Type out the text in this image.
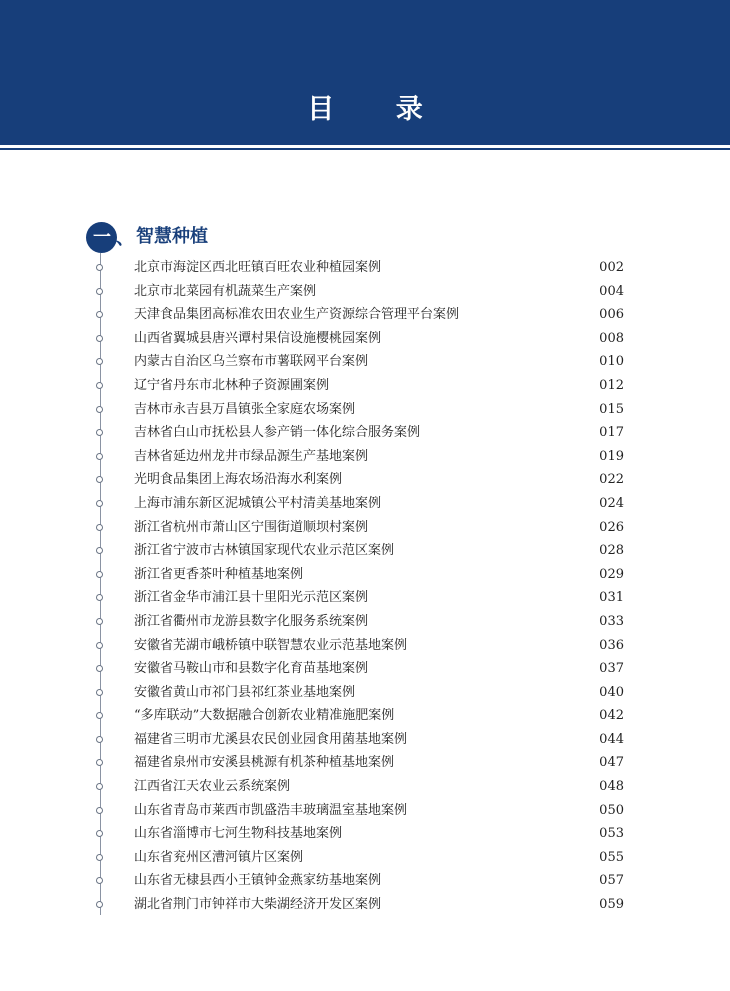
目 录
一 、 智慧种植
北京市海淀区西北旺镇百旺农业种植园案例	002
北京市北菜园有机蔬菜生产案例	004
天津食品集团高标准农田农业生产资源综合管理平台案例	006
山西省翼城县唐兴谭村果信设施樱桃园案例	008
内蒙古自治区乌兰察布市薯联网平台案例	010
辽宁省丹东市北林种子资源圃案例	012
吉林市永吉县万昌镇张全家庭农场案例	015
吉林省白山市抚松县人参产销一体化综合服务案例	017
吉林省延边州龙井市绿品源生产基地案例	019
光明食品集团上海农场沿海水利案例	022
上海市浦东新区泥城镇公平村清美基地案例	024
浙江省杭州市萧山区宁围街道顺坝村案例	026
浙江省宁波市古林镇国家现代农业示范区案例	028
浙江省更香茶叶种植基地案例	029
浙江省金华市浦江县十里阳光示范区案例	031
浙江省衢州市龙游县数字化服务系统案例	033
安徽省芜湖市峨桥镇中联智慧农业示范基地案例	036
安徽省马鞍山市和县数字化育苗基地案例	037
安徽省黄山市祁门县祁红茶业基地案例	040
“多库联动”大数据融合创新农业精准施肥案例	042
福建省三明市尤溪县农民创业园食用菌基地案例	044
福建省泉州市安溪县桃源有机茶种植基地案例	047
江西省江天农业云系统案例	048
山东省青岛市莱西市凯盛浩丰玻璃温室基地案例	050
山东省淄博市七河生物科技基地案例	053
山东省兖州区漕河镇片区案例	055
山东省无棣县西小王镇钟金燕家纺基地案例	057
湖北省荆门市钟祥市大柴湖经济开发区案例	059
